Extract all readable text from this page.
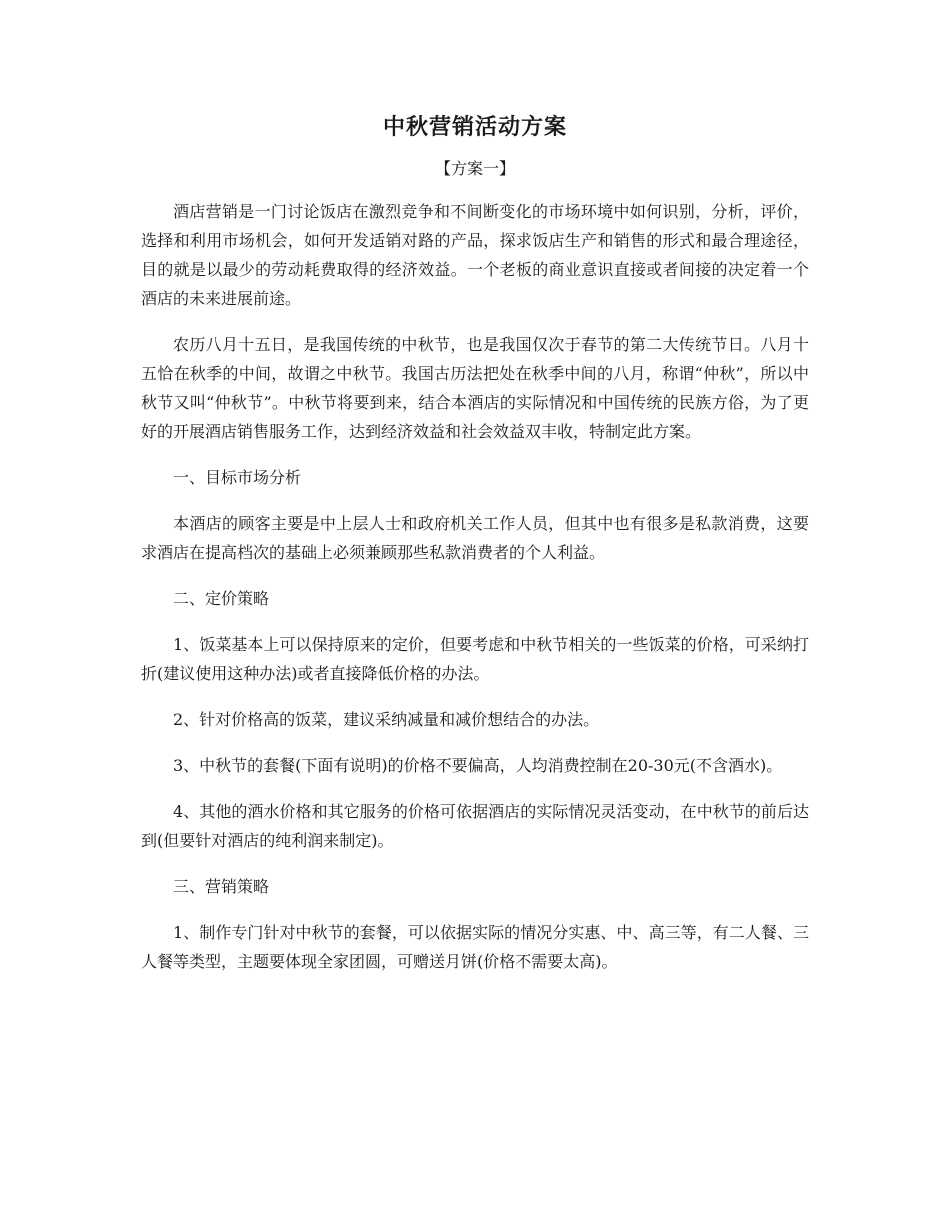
中秋营销活动方案

【方案一】

酒店营销是一门讨论饭店在激烈竞争和不间断变化的市场环境中如何识别，分析，评价，选择和利用市场机会，如何开发适销对路的产品，探求饭店生产和销售的形式和最合理途径，目的就是以最少的劳动耗费取得的经济效益。一个老板的商业意识直接或者间接的决定着一个酒店的未来进展前途。

农历八月十五日，是我国传统的中秋节，也是我国仅次于春节的第二大传统节日。八月十五恰在秋季的中间，故谓之中秋节。我国古历法把处在秋季中间的八月，称谓“仲秋”，所以中秋节又叫“仲秋节”。中秋节将要到来，结合本酒店的实际情况和中国传统的民族方俗，为了更好的开展酒店销售服务工作，达到经济效益和社会效益双丰收，特制定此方案。

一、目标市场分析

本酒店的顾客主要是中上层人士和政府机关工作人员，但其中也有很多是私款消费，这要求酒店在提高档次的基础上必须兼顾那些私款消费者的个人利益。

二、定价策略

1、饭菜基本上可以保持原来的定价，但要考虑和中秋节相关的一些饭菜的价格，可采纳打折(建议使用这种办法)或者直接降低价格的办法。

2、针对价格高的饭菜，建议采纳减量和减价想结合的办法。

3、中秋节的套餐(下面有说明)的价格不要偏高，人均消费控制在20-30元(不含酒水)。

4、其他的酒水价格和其它服务的价格可依据酒店的实际情况灵活变动，在中秋节的前后达到(但要针对酒店的纯利润来制定)。

三、营销策略

1、制作专门针对中秋节的套餐，可以依据实际的情况分实惠、中、高三等，有二人餐、三人餐等类型，主题要体现全家团圆，可赠送月饼(价格不需要太高)。
